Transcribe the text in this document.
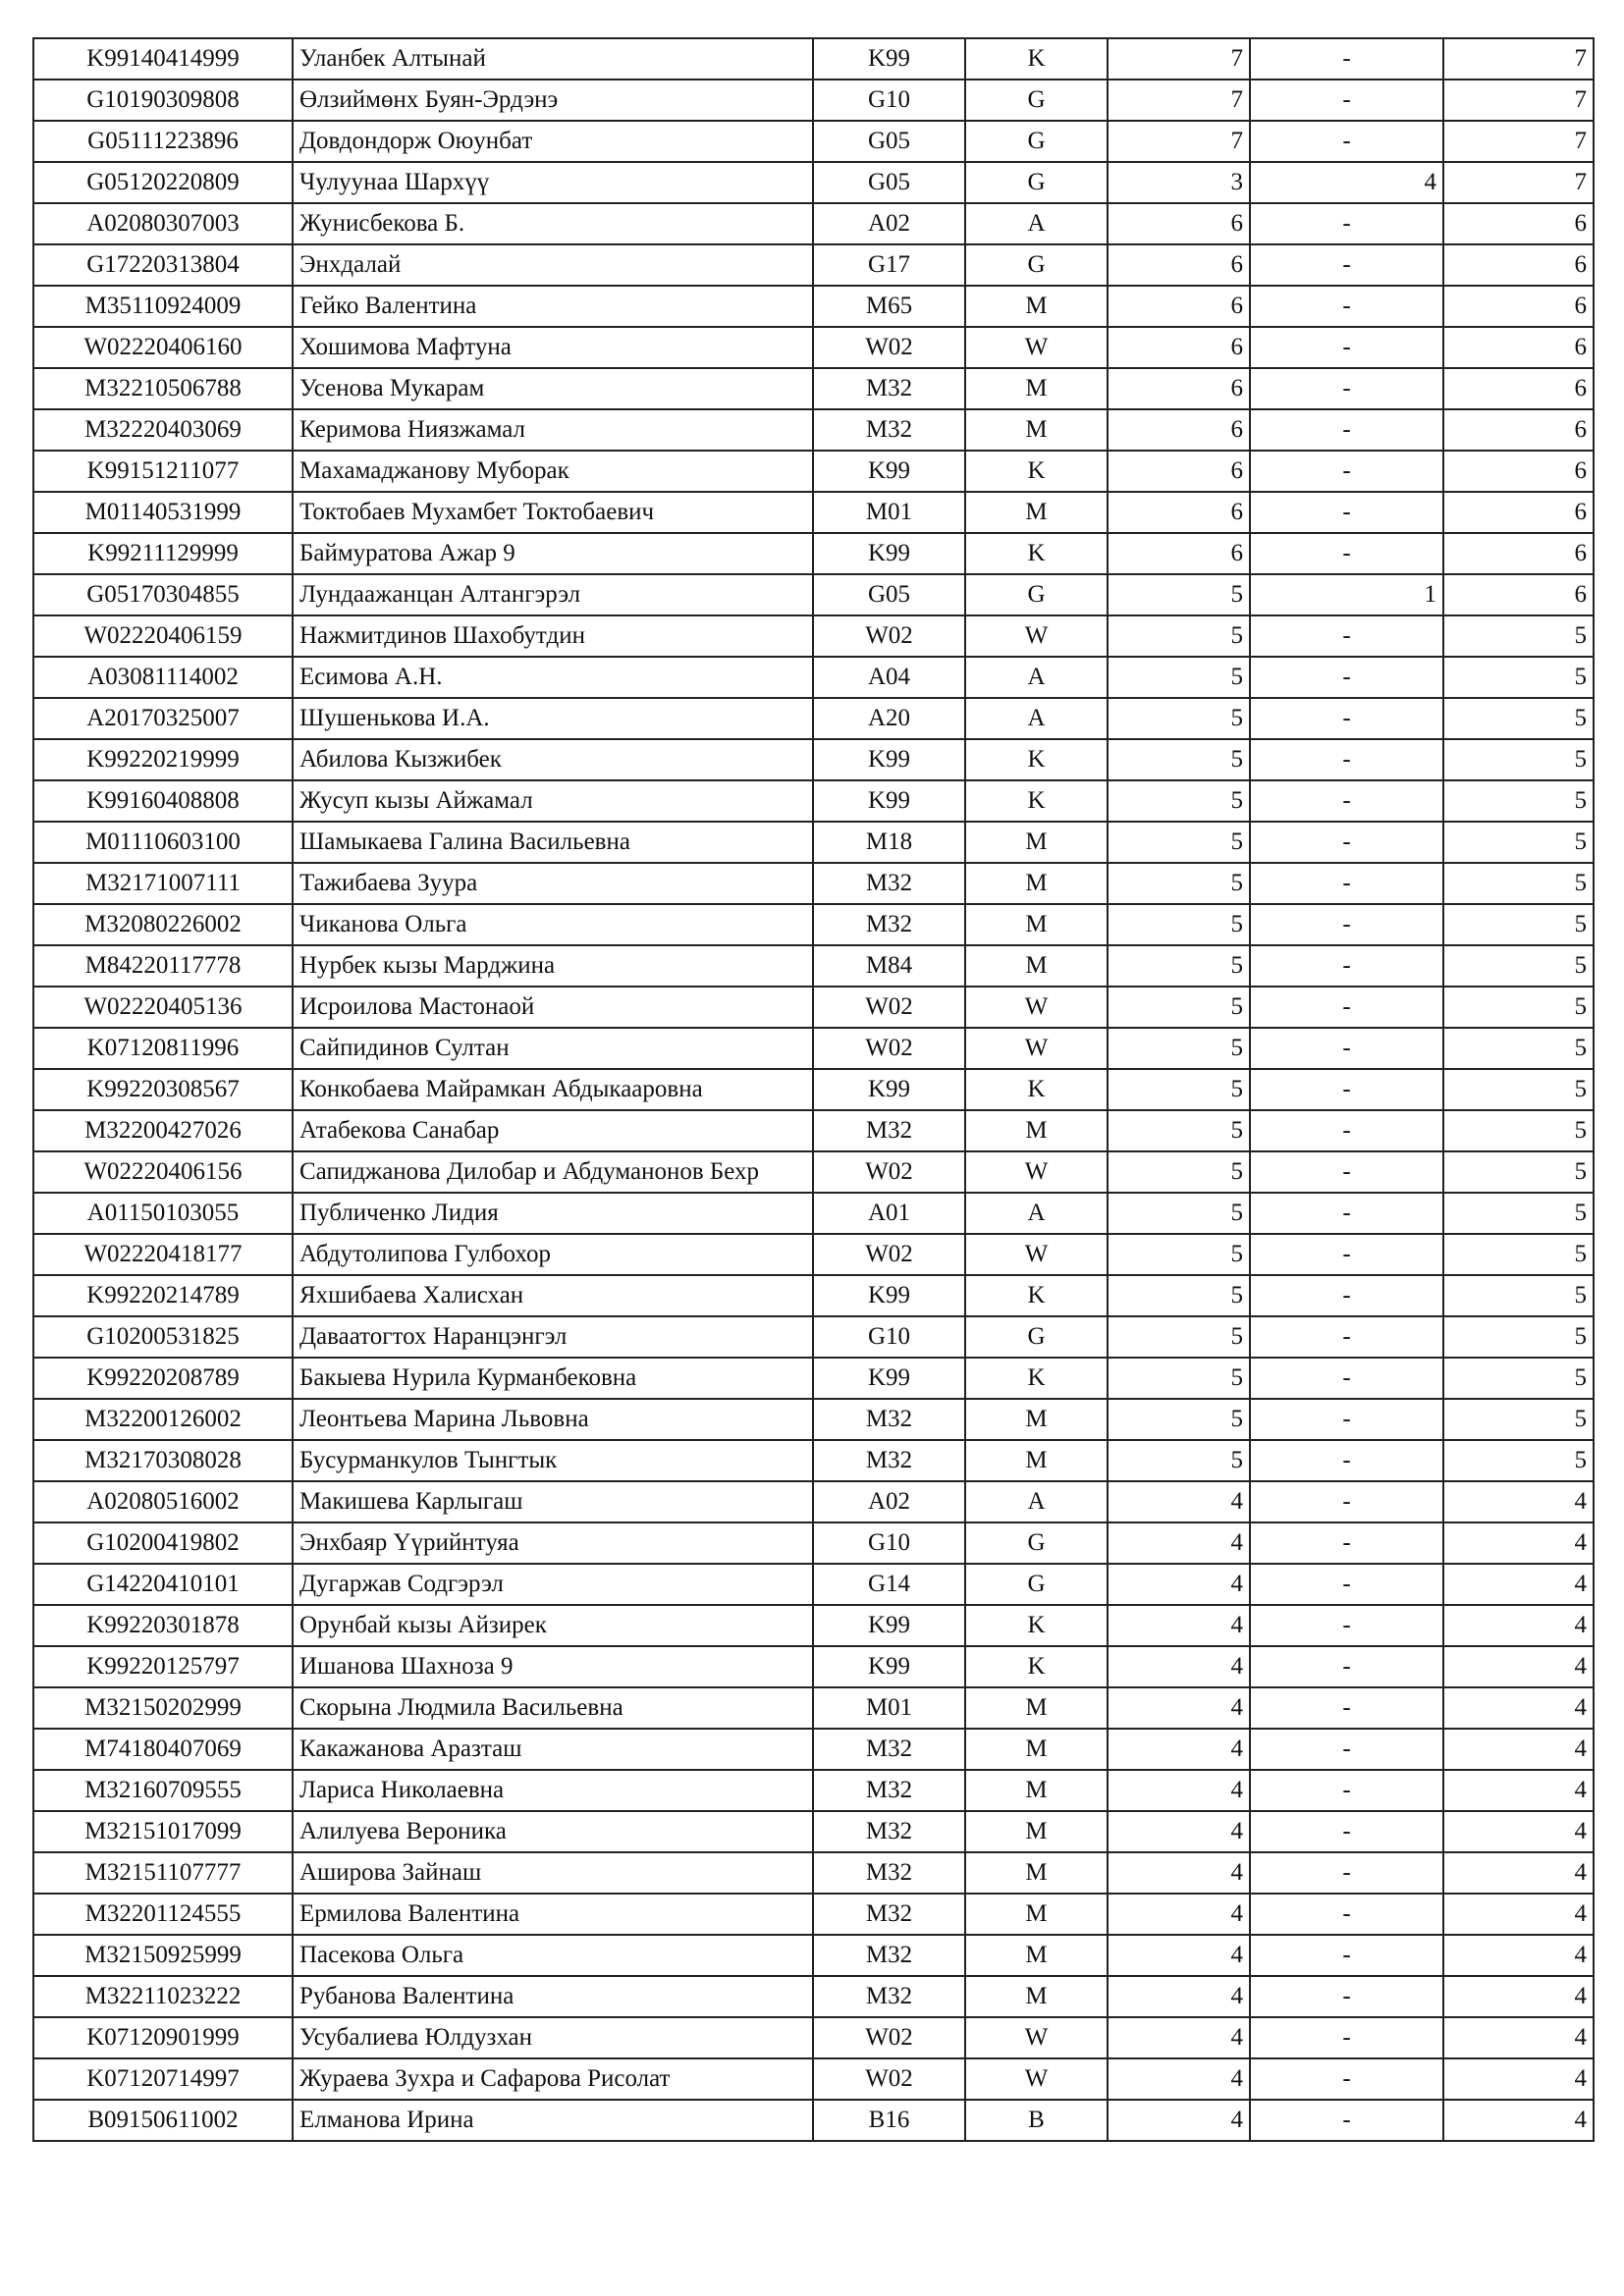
K99140414999	Уланбек Алтынай	K99	K	7	-	7
G10190309808	Өлзиймөнх Буян-Эрдэнэ	G10	G	7	-	7
G05111223896	Довдондорж Оюунбат	G05	G	7	-	7
G05120220809	Чулуунаа Шархүү	G05	G	3	4	7
A02080307003	Жунисбекова Б.	A02	A	6	-	6
G17220313804	Энхдалай	G17	G	6	-	6
M35110924009	Гейко Валентина	M65	M	6	-	6
W02220406160	Хошимова Мафтуна	W02	W	6	-	6
M32210506788	Усенова Мукарам	M32	M	6	-	6
M32220403069	Керимова Ниязжамал	M32	M	6	-	6
K99151211077	Махамаджанову Муборак	K99	K	6	-	6
M01140531999	Токтобаев Мухамбет Токтобаевич	M01	M	6	-	6
K99211129999	Баймуратова Ажар 9	K99	K	6	-	6
G05170304855	Лундаажанцан Алтангэрэл	G05	G	5	1	6
W02220406159	Нажмитдинов Шахобутдин	W02	W	5	-	5
A03081114002	Есимова А.Н.	A04	A	5	-	5
A20170325007	Шушенькова И.А.	A20	A	5	-	5
K99220219999	Абилова Кызжибек	K99	K	5	-	5
K99160408808	Жусуп кызы Айжамал	K99	K	5	-	5
M01110603100	Шамыкаева Галина Васильевна	M18	M	5	-	5
M32171007111	Тажибаева Зуура	M32	M	5	-	5
M32080226002	Чиканова Ольга	M32	M	5	-	5
M84220117778	Нурбек кызы Марджина	M84	M	5	-	5
W02220405136	Исроилова Мастонаой	W02	W	5	-	5
K07120811996	Сайпидинов Султан	W02	W	5	-	5
K99220308567	Конкобаева Майрамкан Абдыкааровна	K99	K	5	-	5
M32200427026	Атабекова Санабар	M32	M	5	-	5
W02220406156	Сапиджанова Дилобар и Абдуманонов Бехр	W02	W	5	-	5
A01150103055	Публиченко Лидия	A01	A	5	-	5
W02220418177	Абдутолипова Гулбохор	W02	W	5	-	5
K99220214789	Яхшибаева Халисхан	K99	K	5	-	5
G10200531825	Даваатогтох Наранцэнгэл	G10	G	5	-	5
K99220208789	Бакыева Нурила Курманбековна	K99	K	5	-	5
M32200126002	Леонтьева Марина Львовна	M32	M	5	-	5
M32170308028	Бусурманкулов Тынгтык	M32	M	5	-	5
A02080516002	Макишева Карлыгаш	A02	A	4	-	4
G10200419802	Энхбаяр Үүрийнтуяа	G10	G	4	-	4
G14220410101	Дугаржав Содгэрэл	G14	G	4	-	4
K99220301878	Орунбай кызы Айзирек	K99	K	4	-	4
K99220125797	Ишанова Шахноза 9	K99	K	4	-	4
M32150202999	Скорына Людмила Васильевна	M01	M	4	-	4
M74180407069	Какажанова Аразташ	M32	M	4	-	4
M32160709555	Лариса Николаевна	M32	M	4	-	4
M32151017099	Алилуева Вероника	M32	M	4	-	4
M32151107777	Аширова Зайнаш	M32	M	4	-	4
M32201124555	Ермилова Валентина	M32	M	4	-	4
M32150925999	Пасекова Ольга	M32	M	4	-	4
M32211023222	Рубанова Валентина	M32	M	4	-	4
K07120901999	Усубалиева Юлдузхан	W02	W	4	-	4
K07120714997	Жураева Зухра и Сафарова Рисолат	W02	W	4	-	4
B09150611002	Елманова Ирина	B16	B	4	-	4
